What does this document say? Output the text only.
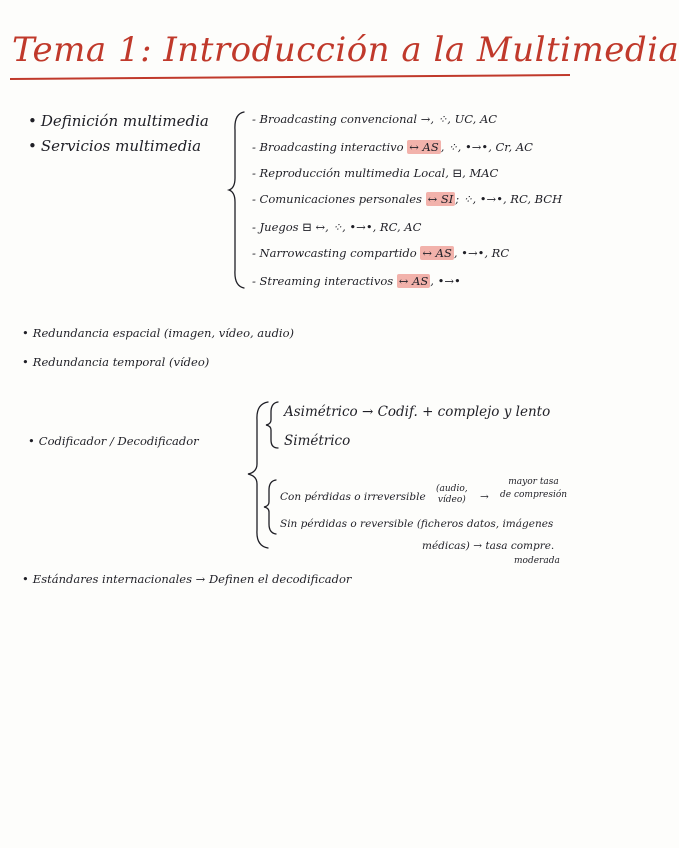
Tema 1: Introducción a la Multimedia
• Definición multimedia
• Servicios multimedia
- Broadcasting convencional →, ⁘, UC, AC
- Broadcasting interactivo ↔ AS , ⁘, •→•, Cr, AC
- Reproducción multimedia Local, ⊟, MAC
- Comunicaciones personales ↔ SI ; ⁘, •→•, RC, BCH
- Juegos ⊟ ↔, ⁘, •→•, RC, AC
- Narrowcasting compartido ↔ AS , •→•, RC
- Streaming interactivos ↔ AS , •→•
• Redundancia espacial (imagen, vídeo, audio)
• Redundancia temporal (vídeo)
• Codificador / Decodificador
Asimétrico → Codif. + complejo y lento
Simétrico
Con pérdidas o irreversible
(audio,
vídeo) →
mayor tasa
de compresión
Sin pérdidas o reversible (ficheros datos, imágenes
médicas) → tasa compre.
moderada
• Estándares internacionales → Definen el decodificador
